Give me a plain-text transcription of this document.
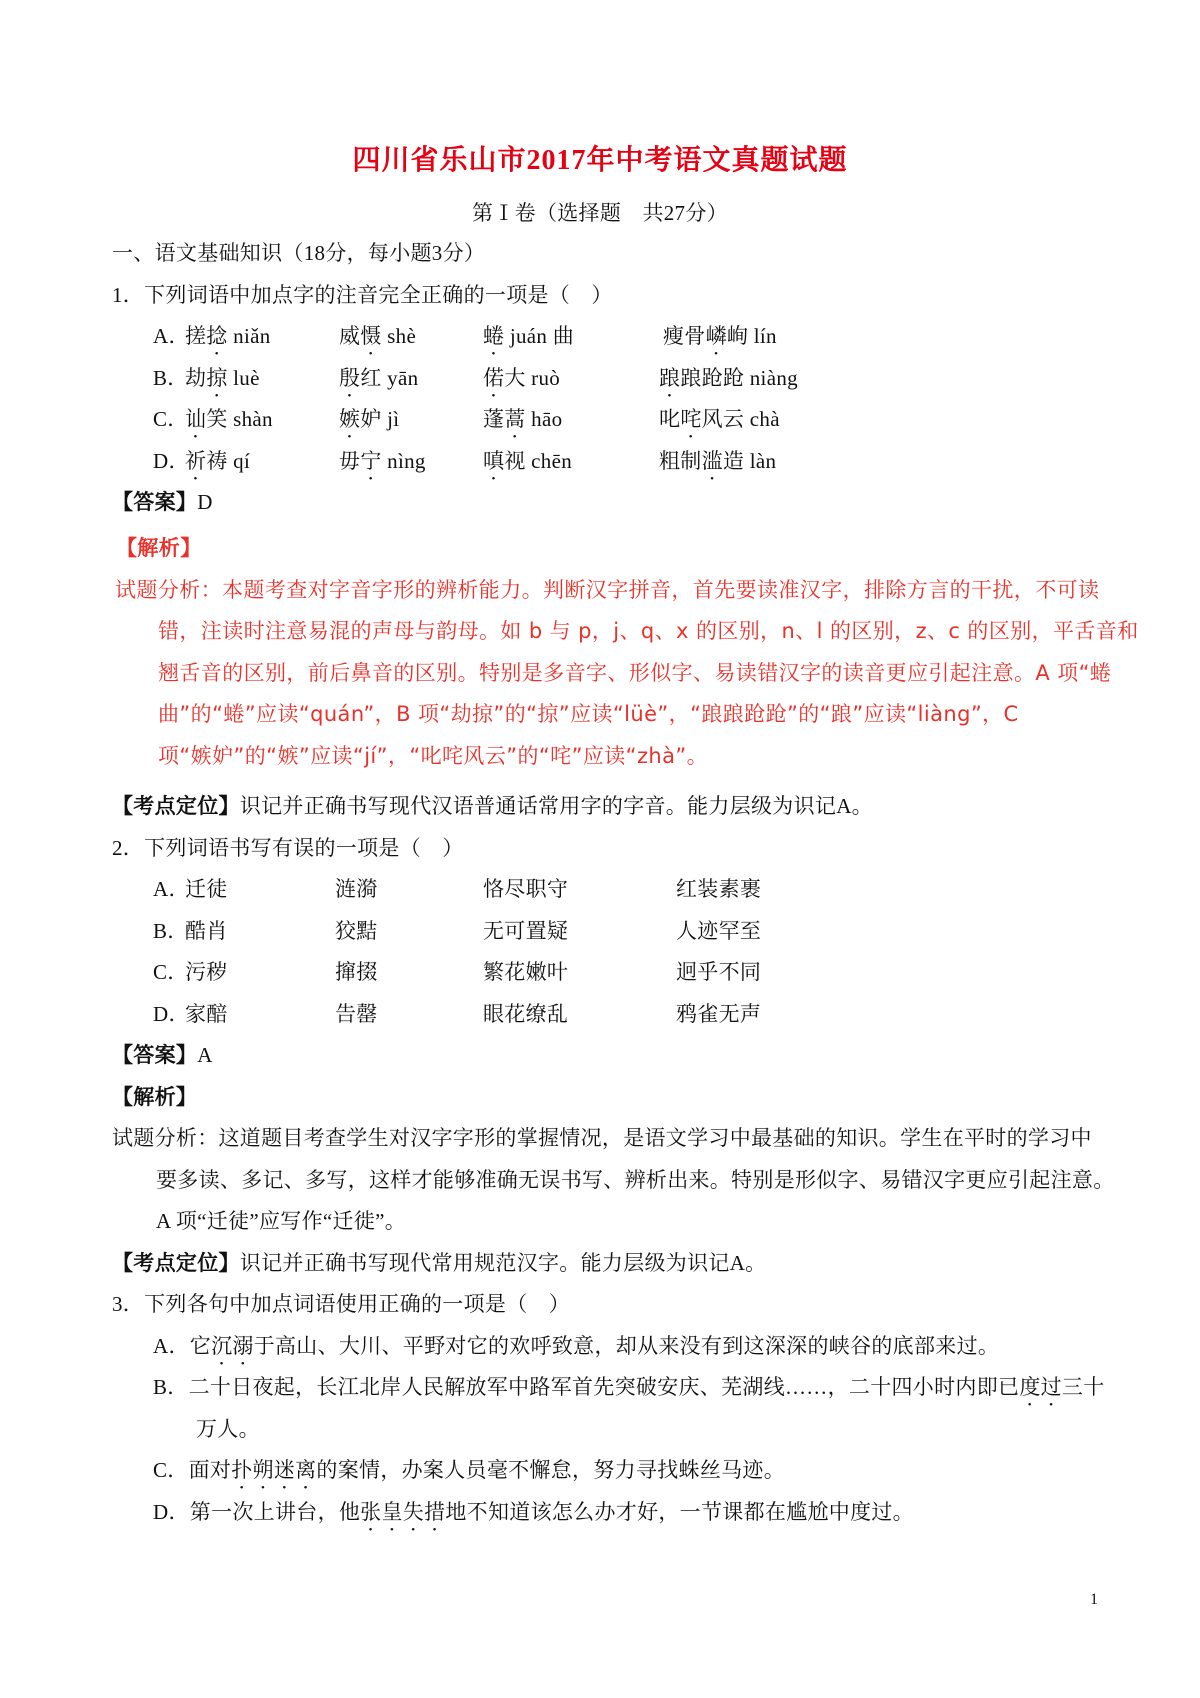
四川省乐山市2017年中考语文真题试题
第Ⅰ卷（选择题　共27分）
一、语文基础知识（18分，每小题3分）
1．下列词语中加点字的注音完全正确的一项是（　）
A．
搓捻 niǎn	威慑 shè	蜷 juán 曲	瘦骨嶙峋 lín
B．
劫掠 luè	殷红 yān	偌大 ruò	踉踉跄跄 niàng
C．
讪笑 shàn	嫉妒 jì	蓬蒿 hāo	叱咤风云 chà
D．
祈祷 qí	毋宁 nìng	嗔视 chēn	粗制滥造 làn
【答案】D
【解析】
试题分析：本题考查对字音字形的辨析能力。判断汉字拼音，首先要读准汉字，排除方言的干扰，不可读
错，注读时注意易混的声母与韵母。如 b 与 p，j、q、x 的区别，n、l 的区别，z、c 的区别，平舌音和
翘舌音的区别，前后鼻音的区别。特别是多音字、形似字、易读错汉字的读音更应引起注意。A 项“蜷
曲”的“蜷”应读“quán”，B 项“劫掠”的“掠”应读“lüè”，“踉踉跄跄”的“踉”应读“liàng”，C
项“嫉妒”的“嫉”应读“jí”，“叱咤风云”的“咤”应读“zhà”。
【考点定位】识记并正确书写现代汉语普通话常用字的字音。能力层级为识记A。
2．下列词语书写有误的一项是（　）
A．
迁徒	涟漪	恪尽职守	红装素裹
B．
酷肖	狡黠	无可置疑	人迹罕至
C．
污秽	撺掇	繁花嫩叶	迥乎不同
D．
家醅	告罄	眼花缭乱	鸦雀无声
【答案】A
【解析】
试题分析：这道题目考查学生对汉字字形的掌握情况，是语文学习中最基础的知识。学生在平时的学习中
要多读、多记、多写，这样才能够准确无误书写、辨析出来。特别是形似字、易错汉字更应引起注意。
A 项“迁徒”应写作“迁徙”。
【考点定位】识记并正确书写现代常用规范汉字。能力层级为识记A。
3．下列各句中加点词语使用正确的一项是（　）
A．它沉溺于高山、大川、平野对它的欢呼致意，却从来没有到这深深的峡谷的底部来过。
B．二十日夜起，长江北岸人民解放军中路军首先突破安庆、芜湖线……，二十四小时内即已度过三十
万人。
C．面对扑朔迷离的案情，办案人员毫不懈怠，努力寻找蛛丝马迹。
D．第一次上讲台，他张皇失措地不知道该怎么办才好，一节课都在尴尬中度过。
1
